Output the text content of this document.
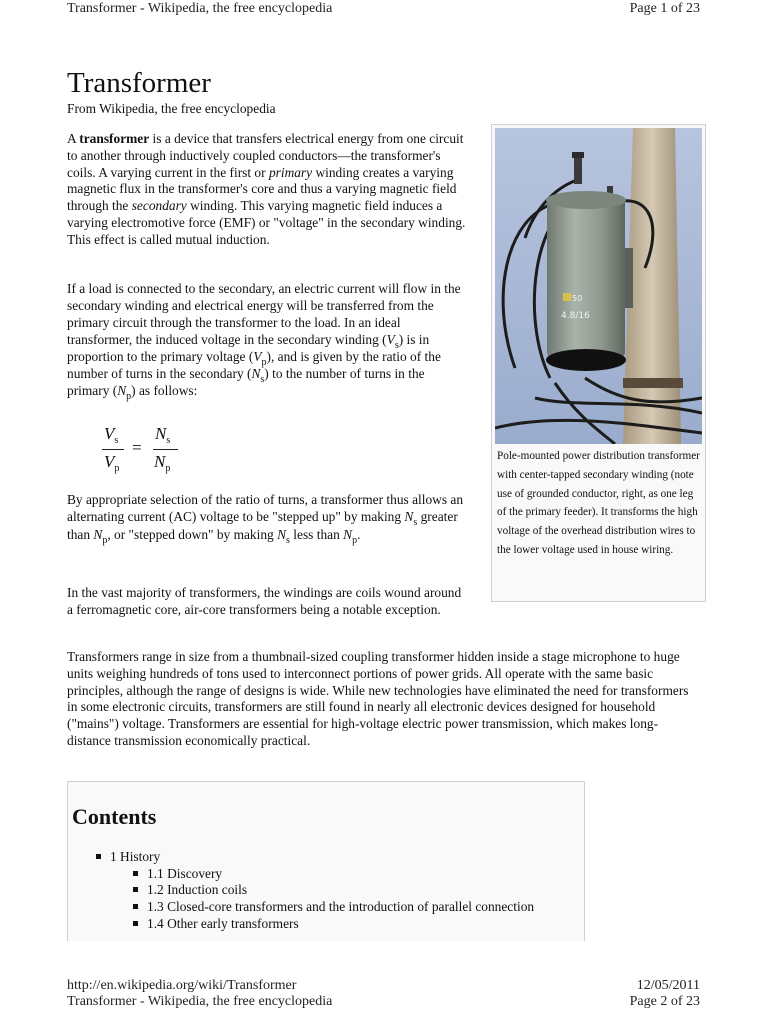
Transformer - Wikipedia, the free encyclopedia	Page 1 of 23
Transformer
From Wikipedia, the free encyclopedia
A transformer is a device that transfers electrical energy from one circuit to another through inductively coupled conductors—the transformer's coils. A varying current in the first or primary winding creates a varying magnetic flux in the transformer's core and thus a varying magnetic field through the secondary winding. This varying magnetic field induces a varying electromotive force (EMF) or "voltage" in the secondary winding. This effect is called mutual induction.
If a load is connected to the secondary, an electric current will flow in the secondary winding and electrical energy will be transferred from the primary circuit through the transformer to the load. In an ideal transformer, the induced voltage in the secondary winding $(V_s)$ is in proportion to the primary voltage $(V_p)$, and is given by the ratio of the number of turns in the secondary $(N_s)$ to the number of turns in the primary $(N_p)$ as follows:
$V_s$
$V_p$
=
$N_s$
$N_p$
By appropriate selection of the ratio of turns, a transformer thus allows an alternating current (AC) voltage to be "stepped up" by making $N_s$ greater than $N_p$, or "stepped down" by making $N_s$ less than $N_p$.
In the vast majority of transformers, the windings are coils wound around a ferromagnetic core, air-core transformers being a notable exception.
Transformers range in size from a thumbnail-sized coupling transformer hidden inside a stage microphone to huge units weighing hundreds of tons used to interconnect portions of power grids. All operate with the same basic principles, although the range of designs is wide. While new technologies have eliminated the need for transformers in some electronic circuits, transformers are still found in nearly all electronic devices designed for household ("mains") voltage. Transformers are essential for high-voltage electric power transmission, which makes long-distance transmission economically practical.
50
4.8/16
Pole-mounted power distribution transformer with center-tapped secondary winding (note use of grounded conductor, right, as one leg of the primary feeder). It transforms the high voltage of the overhead distribution wires to the lower voltage used in house wiring.
Contents
1 History
1.1 Discovery
1.2 Induction coils
1.3 Closed-core transformers and the introduction of parallel connection
1.4 Other early transformers
http://en.wikipedia.org/wiki/Transformer	12/05/2011
Transformer - Wikipedia, the free encyclopedia	Page 2 of 23
